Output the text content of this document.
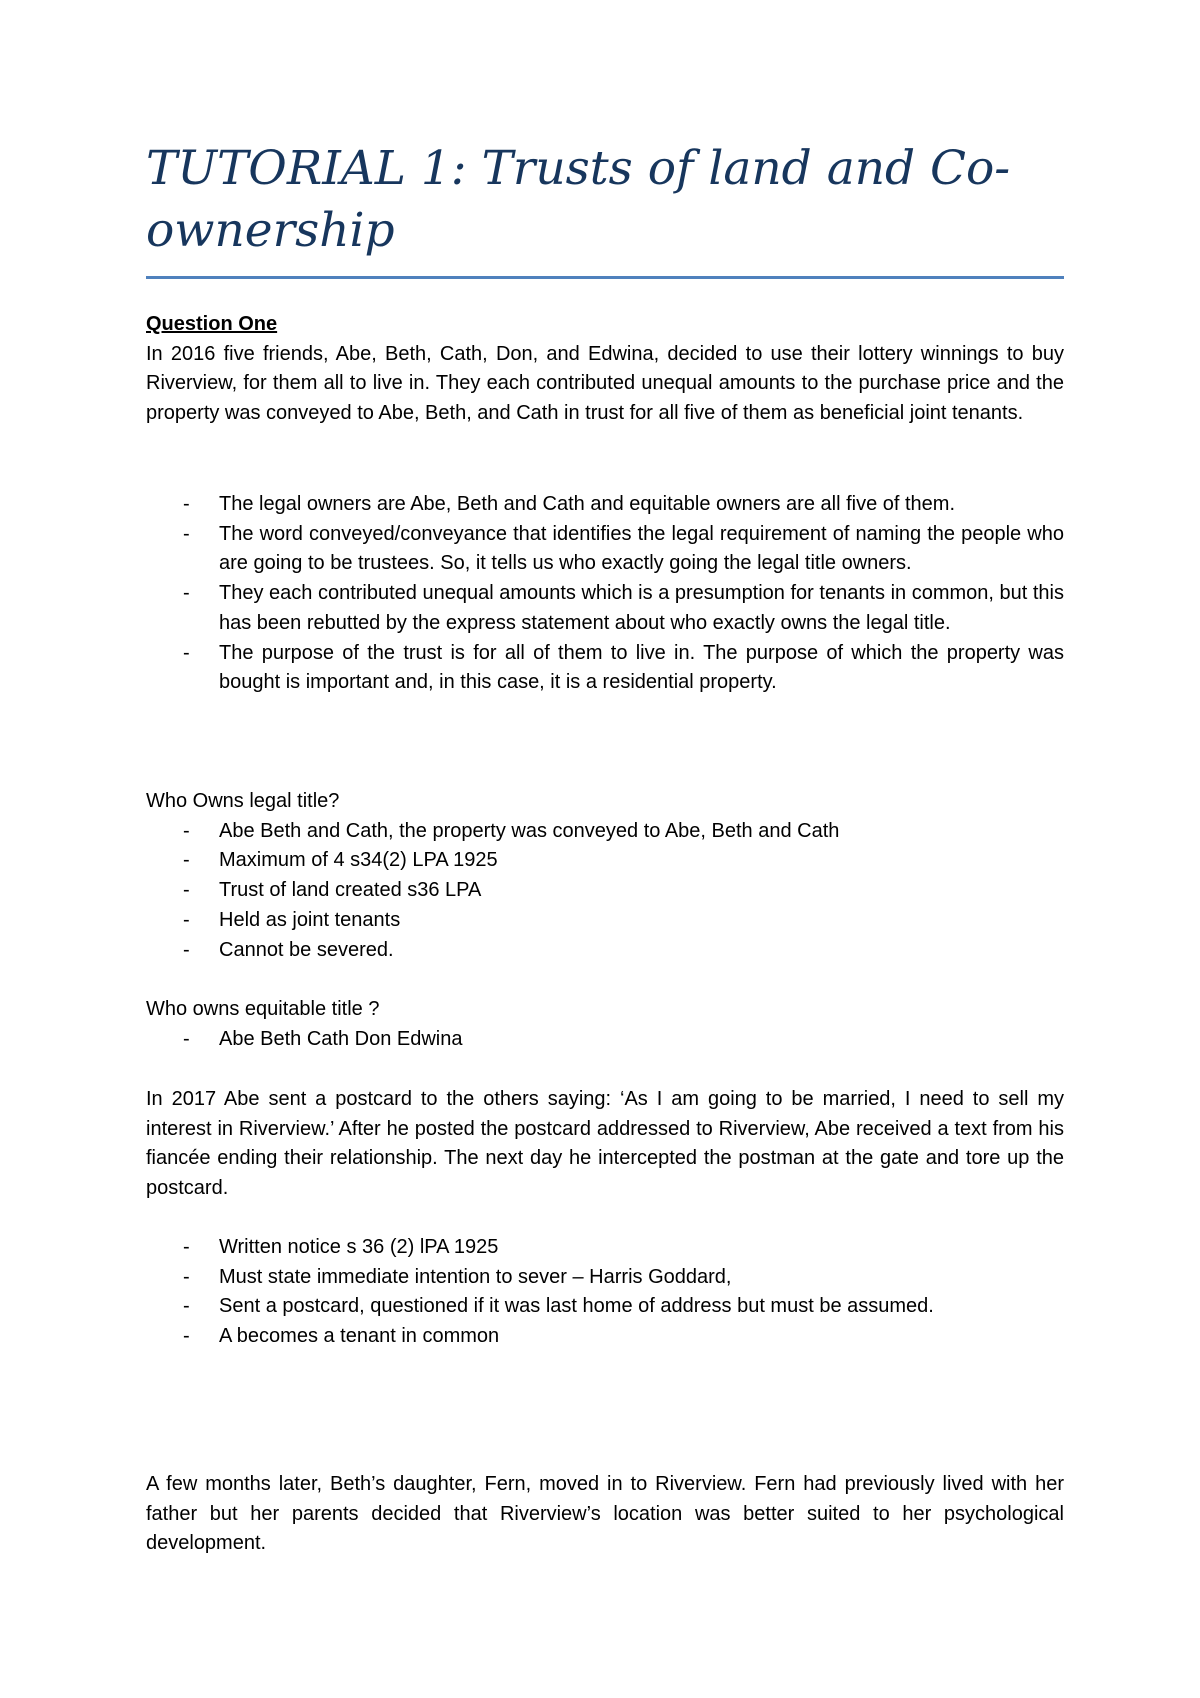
TUTORIAL 1: Trusts of land and Co-ownership

Question One

In 2016 five friends, Abe, Beth, Cath, Don, and Edwina, decided to use their lottery winnings to buy Riverview, for them all to live in. They each contributed unequal amounts to the purchase price and the property was conveyed to Abe, Beth, and Cath in trust for all five of them as beneficial joint tenants.

- The legal owners are Abe, Beth and Cath and equitable owners are all five of them.
- The word conveyed/conveyance that identifies the legal requirement of naming the people who are going to be trustees. So, it tells us who exactly going the legal title owners.
- They each contributed unequal amounts which is a presumption for tenants in common, but this has been rebutted by the express statement about who exactly owns the legal title.
- The purpose of the trust is for all of them to live in. The purpose of which the property was bought is important and, in this case, it is a residential property.

Who Owns legal title?

- Abe Beth and Cath, the property was conveyed to Abe, Beth and Cath
- Maximum of 4 s34(2) LPA 1925
- Trust of land created s36 LPA
- Held as joint tenants
- Cannot be severed.

Who owns equitable title ?

- Abe Beth Cath Don Edwina

In 2017 Abe sent a postcard to the others saying: ‘As I am going to be married, I need to sell my interest in Riverview.’ After he posted the postcard addressed to Riverview, Abe received a text from his fiancée ending their relationship. The next day he intercepted the postman at the gate and tore up the postcard.

- Written notice s 36 (2) lPA 1925
- Must state immediate intention to sever – Harris Goddard,
- Sent a postcard, questioned if it was last home of address but must be assumed.
- A becomes a tenant in common

A few months later, Beth’s daughter, Fern, moved in to Riverview. Fern had previously lived with her father but her parents decided that Riverview’s location was better suited to her psychological development.
